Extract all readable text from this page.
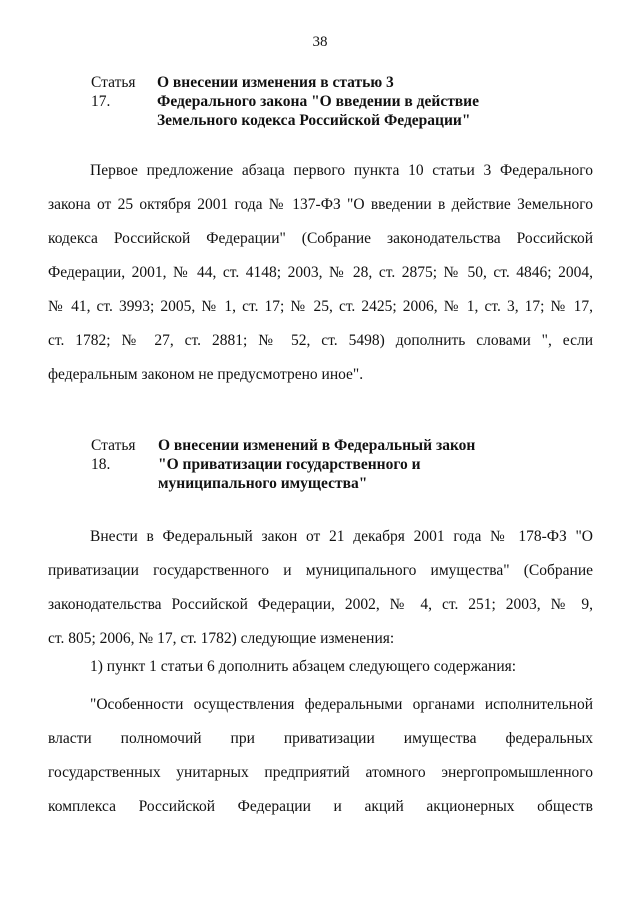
38
Статья 17.
О внесении изменения в статью 3
Федерального закона "О введении в действие
Земельного кодекса Российской Федерации"
Первое предложение абзаца первого пункта 10 статьи 3 Федерального
закона от 25 октября 2001 года № 137-ФЗ "О введении в действие Земельного
кодекса Российской Федерации" (Собрание законодательства Российской
Федерации, 2001, № 44, ст. 4148; 2003, № 28, ст. 2875; № 50, ст. 4846; 2004,
№ 41, ст. 3993; 2005, № 1, ст. 17; № 25, ст. 2425; 2006, № 1, ст. 3, 17; № 17,
ст. 1782; № 27, ст. 2881; № 52, ст. 5498) дополнить словами ", если
федеральным законом не предусмотрено иное".
Статья 18.
О внесении изменений в Федеральный закон
"О приватизации государственного и
муниципального имущества"
Внести в Федеральный закон от 21 декабря 2001 года № 178-ФЗ "О
приватизации государственного и муниципального имущества" (Собрание
законодательства Российской Федерации, 2002, № 4, ст. 251; 2003, № 9,
ст. 805; 2006, № 17, ст. 1782) следующие изменения:
1) пункт 1 статьи 6 дополнить абзацем следующего содержания:
"Особенности осуществления федеральными органами исполнительной
власти полномочий при приватизации имущества федеральных
государственных унитарных предприятий атомного энергопромышленного
комплекса Российской Федерации и акций акционерных обществ
